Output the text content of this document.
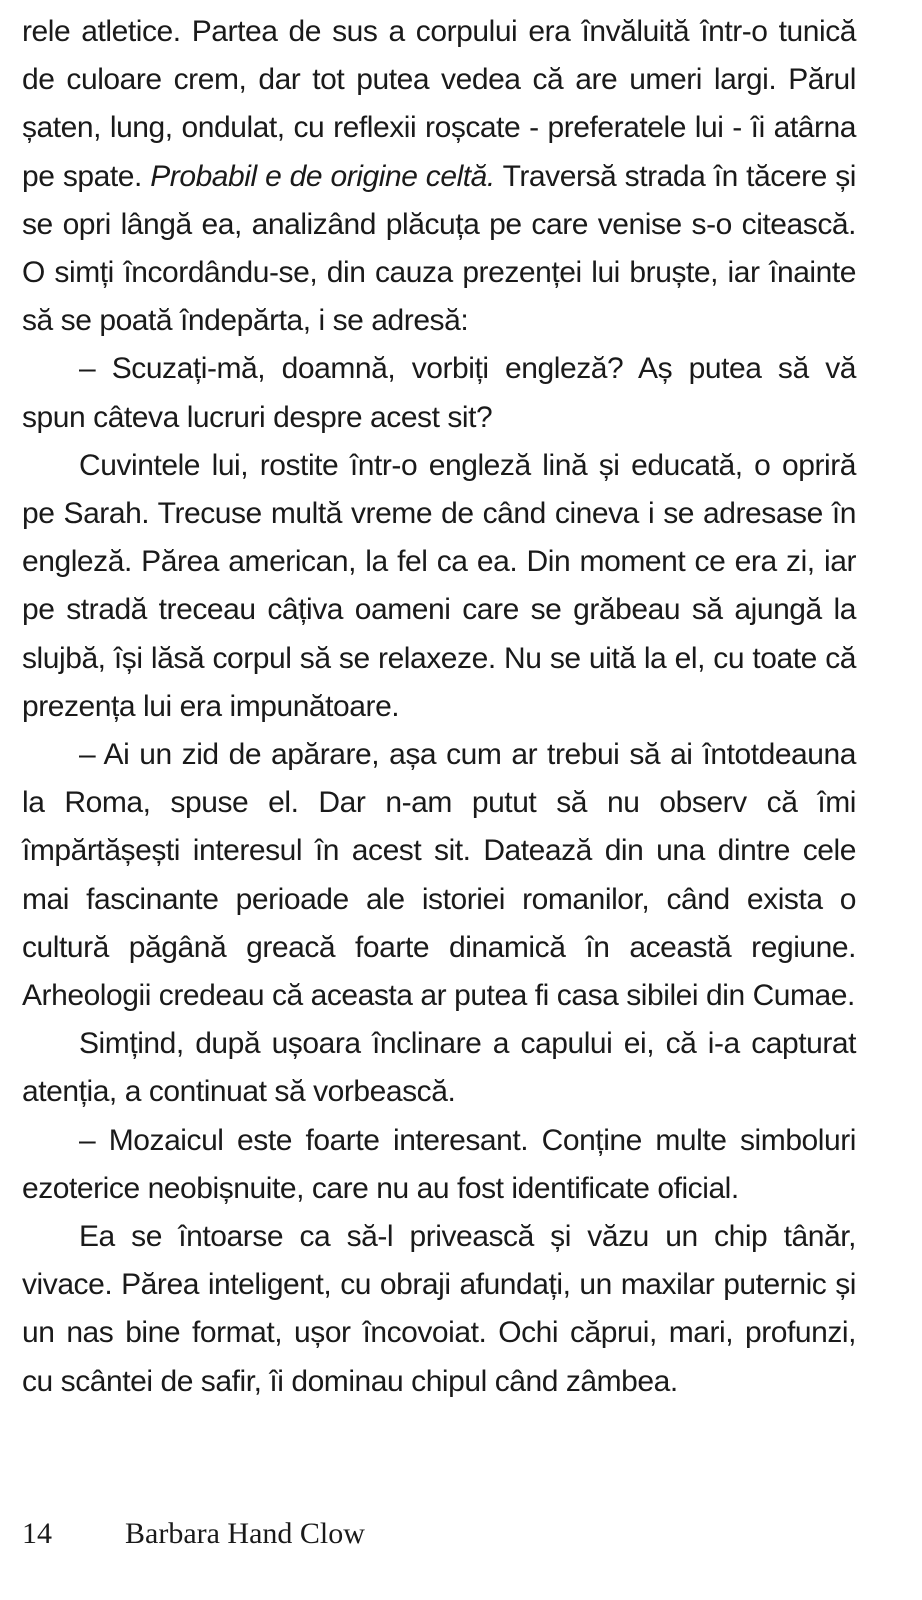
rele atletice. Partea de sus a corpului era învăluită într-o tunică de culoare crem, dar tot putea vedea că are umeri largi. Părul șaten, lung, ondulat, cu reflexii roșcate - preferatele lui - îi atârna pe spate. Probabil e de origine celtă. Traversă strada în tăcere și se opri lângă ea, analizând plăcuța pe care venise s-o citească. O simți încordându-se, din cauza prezenței lui bruște, iar înainte să se poată îndepărta, i se adresă:

– Scuzați-mă, doamnă, vorbiți engleză? Aș putea să vă spun câteva lucruri despre acest sit?

Cuvintele lui, rostite într-o engleză lină și educată, o opriră pe Sarah. Trecuse multă vreme de când cineva i se adresase în engleză. Părea american, la fel ca ea. Din moment ce era zi, iar pe stradă treceau câțiva oameni care se grăbeau să ajungă la slujbă, își lăsă corpul să se relaxeze. Nu se uită la el, cu toate că prezența lui era impunătoare.

– Ai un zid de apărare, așa cum ar trebui să ai întotdeauna la Roma, spuse el. Dar n-am putut să nu observ că îmi împărtășești interesul în acest sit. Datează din una dintre cele mai fascinante perioade ale istoriei romanilor, când exista o cultură păgână greacă foarte dinamică în această regiune. Arheologii credeau că aceasta ar putea fi casa sibilei din Cumae.

Simțind, după ușoara înclinare a capului ei, că i-a capturat atenția, a continuat să vorbească.

– Mozaicul este foarte interesant. Conține multe simboluri ezoterice neobișnuite, care nu au fost identificate oficial.

Ea se întoarse ca să-l privească și văzu un chip tânăr, vivace. Părea inteligent, cu obraji afundați, un maxilar puternic și un nas bine format, ușor încovoiat. Ochi căprui, mari, profunzi, cu scântei de safir, îi dominau chipul când zâmbea.

14 Barbara Hand Clow
